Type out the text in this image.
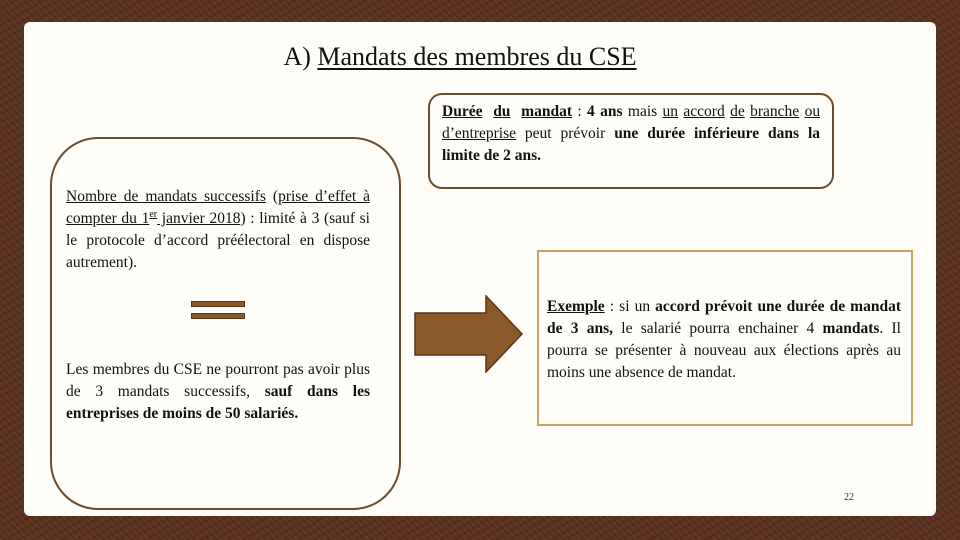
A) Mandats des membres du CSE
Durée du mandat : 4 ans mais un accord de branche ou d’entreprise peut prévoir une durée inférieure dans la limite de 2 ans.
Nombre de mandats successifs (prise d’effet à compter du 1er janvier 2018) : limité à 3 (sauf si le protocole d’accord préélectoral en dispose autrement).
Les membres du CSE ne pourront pas avoir plus de 3 mandats successifs, sauf dans les entreprises de moins de 50 salariés.
Exemple : si un accord prévoit une durée de mandat de 3 ans, le salarié pourra enchainer 4 mandats. Il pourra se présenter à nouveau aux élections après au moins une absence de mandat.
22
